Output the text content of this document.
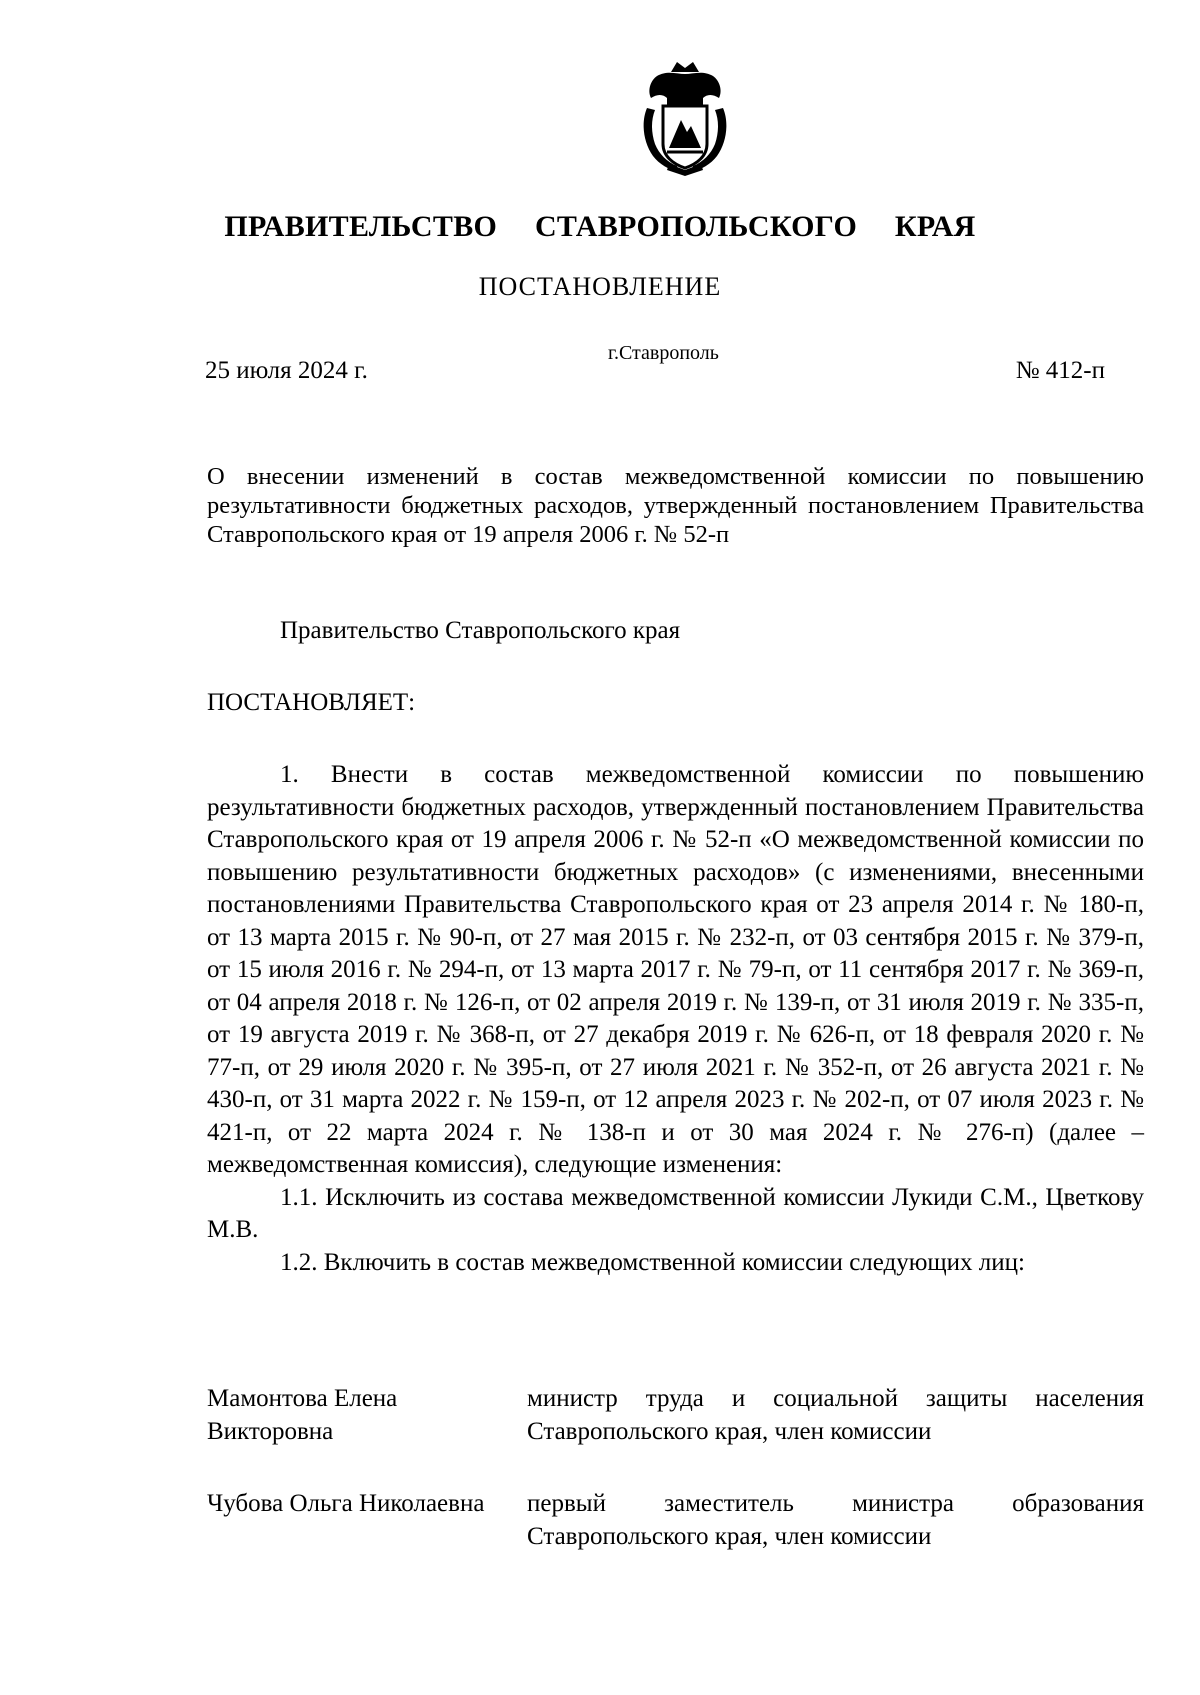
ПРАВИТЕЛЬСТВО СТАВРОПОЛЬСКОГО КРАЯ
ПОСТАНОВЛЕНИЕ
25 июля 2024 г.
г.Ставрополь
№ 412-п
О внесении изменений в состав межведомственной комиссии по повышению результативности бюджетных расходов, утвержденный постановлением Правительства Ставропольского края от 19 апреля 2006 г. № 52-п
Правительство Ставропольского края
ПОСТАНОВЛЯЕТ:

1. Внести в состав межведомственной комиссии по повышению результативности бюджетных расходов, утвержденный постановлением Правительства Ставропольского края от 19 апреля 2006 г. № 52-п «О межведомственной комиссии по повышению результативности бюджетных расходов» (с изменениями, внесенными постановлениями Правительства Ставропольского края от 23 апреля 2014 г. № 180-п, от 13 марта 2015 г. № 90-п, от 27 мая 2015 г. № 232-п, от 03 сентября 2015 г. № 379-п, от 15 июля 2016 г. № 294-п, от 13 марта 2017 г. № 79-п, от 11 сентября 2017 г. № 369-п, от 04 апреля 2018 г. № 126-п, от 02 апреля 2019 г. № 139-п, от 31 июля 2019 г. № 335-п, от 19 августа 2019 г. № 368-п, от 27 декабря 2019 г. № 626-п, от 18 февраля 2020 г. № 77-п, от 29 июля 2020 г. № 395-п, от 27 июля 2021 г. № 352-п, от 26 августа 2021 г. № 430-п, от 31 марта 2022 г. № 159-п, от 12 апреля 2023 г. № 202-п, от 07 июля 2023 г. № 421-п, от 22 марта 2024 г. № 138-п и от 30 мая 2024 г. № 276-п) (далее – межведомственная комиссия), следующие изменения:

1.1. Исключить из состава межведомственной комиссии Лукиди С.М., Цветкову М.В.

1.2. Включить в состав межведомственной комиссии следующих лиц:

Мамонтова Елена Викторовна
министр труда и социальной защиты населения Ставропольского края, член комиссии
Чубова Ольга Николаевна	первый заместитель министра образования Ставропольского края, член комиссии
